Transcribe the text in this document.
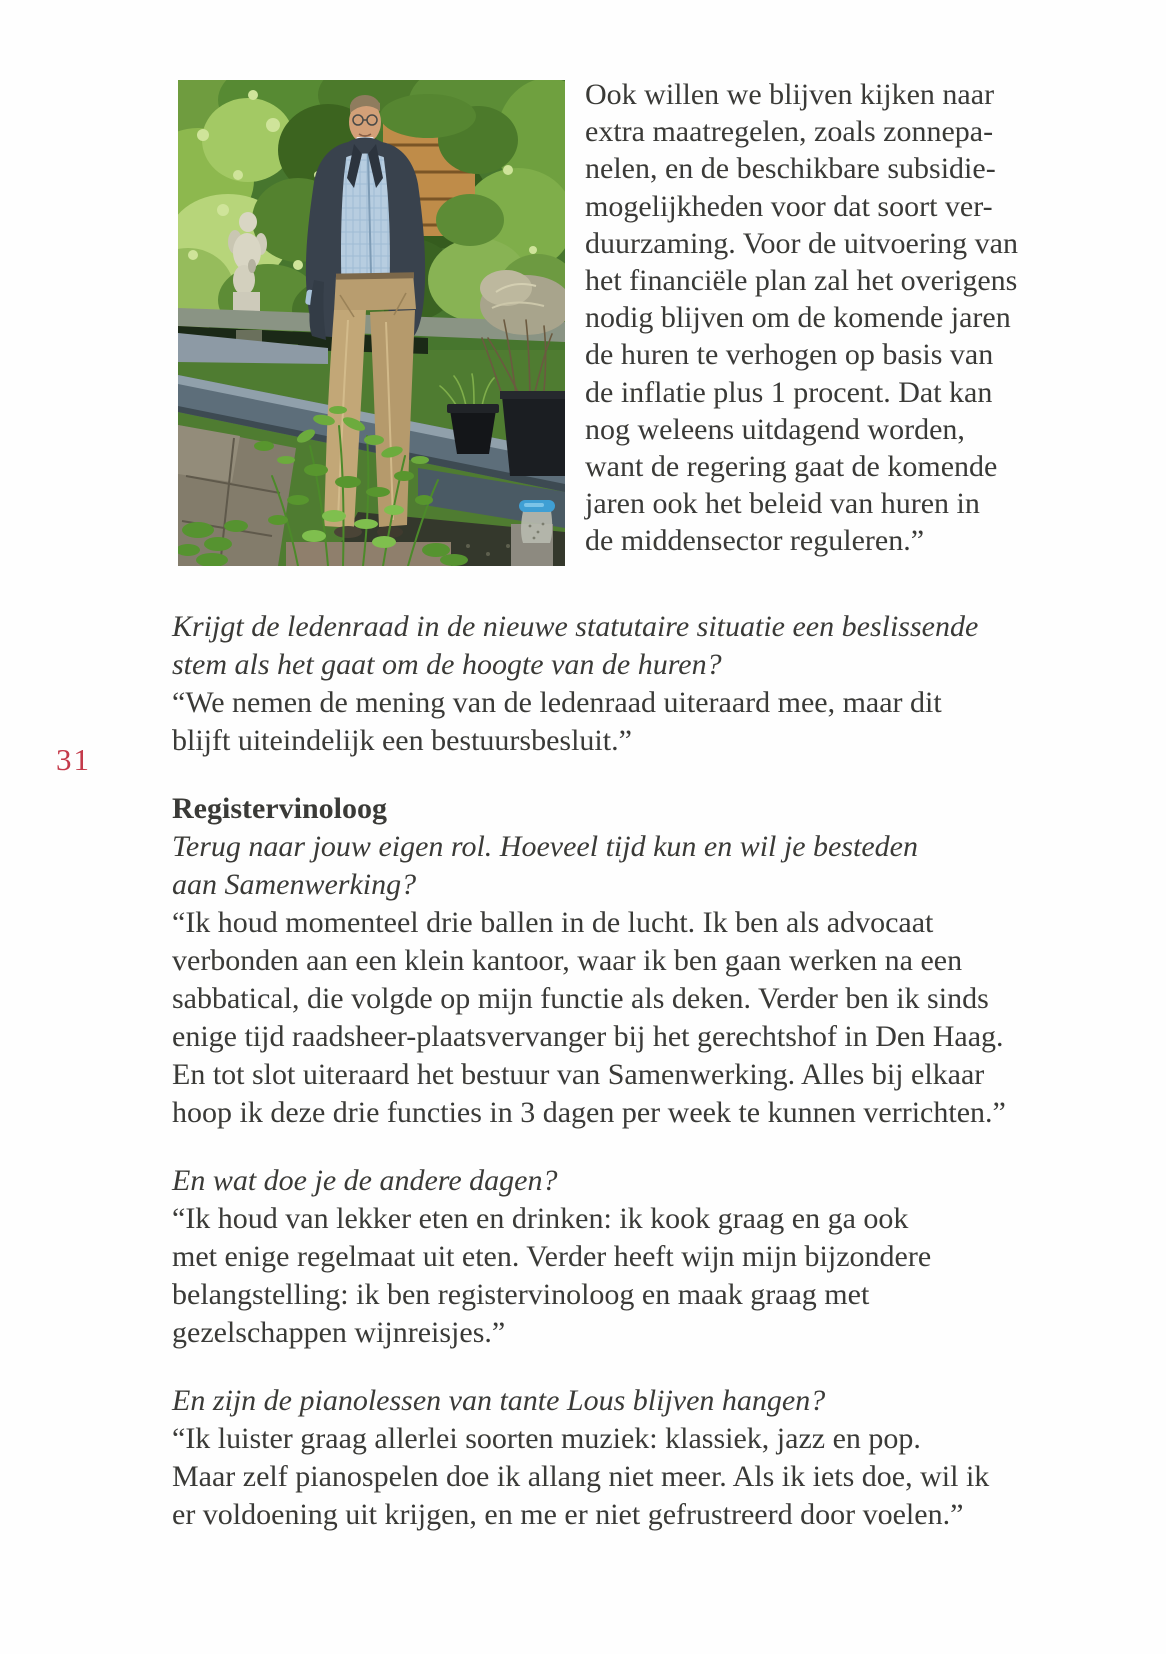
31
Ook willen we blijven kijken naar
extra maatregelen, zoals zonnepa-
nelen, en de beschikbare subsidie-
mogelijkheden voor dat soort ver-
duurzaming. Voor de uitvoering van
het financiële plan zal het overigens
nodig blijven om de komende jaren
de huren te verhogen op basis van
de inflatie plus 1 procent. Dat kan
nog weleens uitdagend worden,
want de regering gaat de komende
jaren ook het beleid van huren in
de middensector reguleren.”
Krijgt de ledenraad in de nieuwe statutaire situatie een beslissende
stem als het gaat om de hoogte van de huren?
“We nemen de mening van de ledenraad uiteraard mee, maar dit
blijft uiteindelijk een bestuursbesluit.”
Registervinoloog
Terug naar jouw eigen rol. Hoeveel tijd kun en wil je besteden
aan Samenwerking?
“Ik houd momenteel drie ballen in de lucht. Ik ben als advocaat
verbonden aan een klein kantoor, waar ik ben gaan werken na een
sabbatical, die volgde op mijn functie als deken. Verder ben ik sinds
enige tijd raadsheer-plaatsvervanger bij het gerechtshof in Den Haag.
En tot slot uiteraard het bestuur van Samenwerking. Alles bij elkaar
hoop ik deze drie functies in 3 dagen per week te kunnen verrichten.”
En wat doe je de andere dagen?
“Ik houd van lekker eten en drinken: ik kook graag en ga ook
met enige regelmaat uit eten. Verder heeft wijn mijn bijzondere
belangstelling: ik ben registervinoloog en maak graag met
gezelschappen wijnreisjes.”
En zijn de pianolessen van tante Lous blijven hangen?
“Ik luister graag allerlei soorten muziek: klassiek, jazz en pop.
Maar zelf pianospelen doe ik allang niet meer. Als ik iets doe, wil ik
er voldoening uit krijgen, en me er niet gefrustreerd door voelen.”
